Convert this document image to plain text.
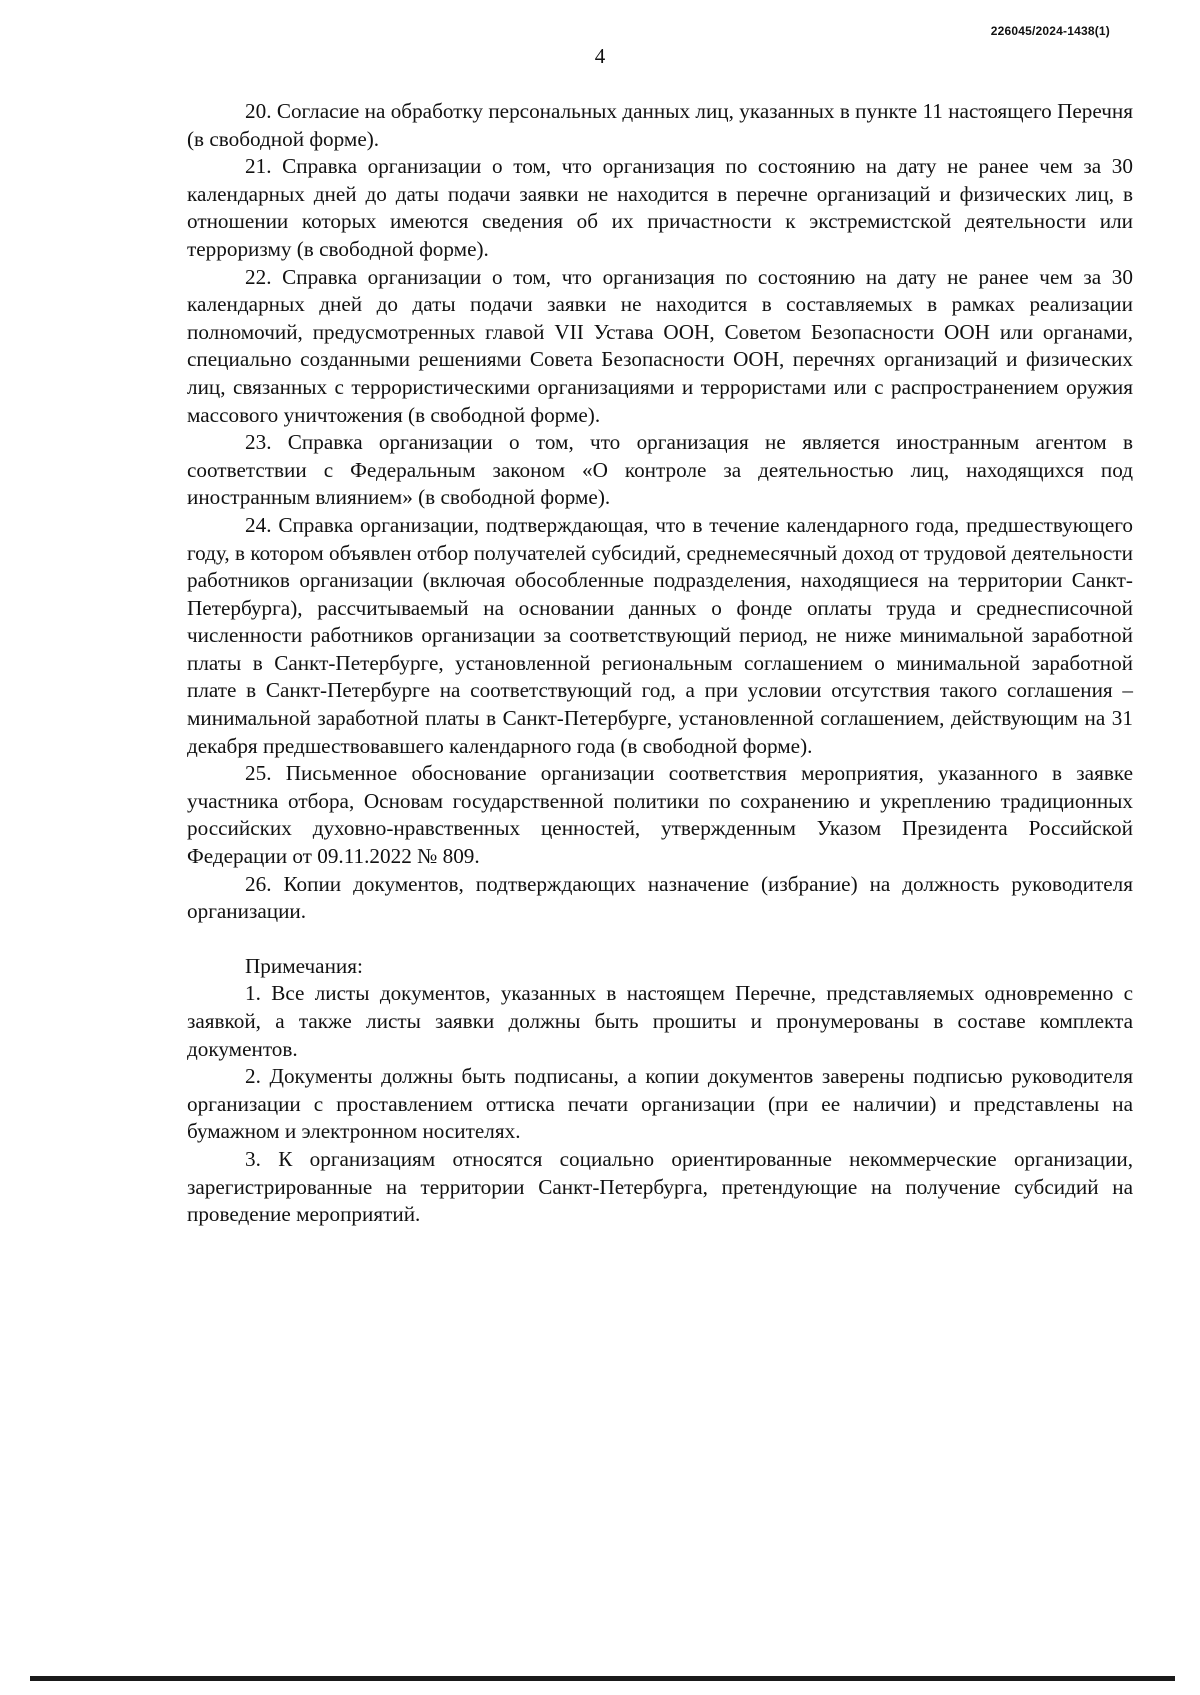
226045/2024-1438(1)
4

20. Согласие на обработку персональных данных лиц, указанных в пункте 11 настоящего Перечня (в свободной форме).

21. Справка организации о том, что организация по состоянию на дату не ранее чем за 30 календарных дней до даты подачи заявки не находится в перечне организаций и физических лиц, в отношении которых имеются сведения об их причастности к экстремистской деятельности или терроризму (в свободной форме).

22. Справка организации о том, что организация по состоянию на дату не ранее чем за 30 календарных дней до даты подачи заявки не находится в составляемых в рамках реализации полномочий, предусмотренных главой VII Устава ООН, Советом Безопасности ООН или органами, специально созданными решениями Совета Безопасности ООН, перечнях организаций и физических лиц, связанных с террористическими организациями и террористами или с распространением оружия массового уничтожения (в свободной форме).

23. Справка организации о том, что организация не является иностранным агентом в соответствии с Федеральным законом «О контроле за деятельностью лиц, находящихся под иностранным влиянием» (в свободной форме).

24. Справка организации, подтверждающая, что в течение календарного года, предшествующего году, в котором объявлен отбор получателей субсидий, среднемесячный доход от трудовой деятельности работников организации (включая обособленные подразделения, находящиеся на территории Санкт-Петербурга), рассчитываемый на основании данных о фонде оплаты труда и среднесписочной численности работников организации за соответствующий период, не ниже минимальной заработной платы в Санкт-Петербурге, установленной региональным соглашением о минимальной заработной плате в Санкт-Петербурге на соответствующий год, а при условии отсутствия такого соглашения – минимальной заработной платы в Санкт-Петербурге, установленной соглашением, действующим на 31 декабря предшествовавшего календарного года (в свободной форме).

25. Письменное обоснование организации соответствия мероприятия, указанного в заявке участника отбора, Основам государственной политики по сохранению и укреплению традиционных российских духовно-нравственных ценностей, утвержденным Указом Президента Российской Федерации от 09.11.2022 № 809.

26. Копии документов, подтверждающих назначение (избрание) на должность руководителя организации.

Примечания:

1. Все листы документов, указанных в настоящем Перечне, представляемых одновременно с заявкой, а также листы заявки должны быть прошиты и пронумерованы в составе комплекта документов.

2. Документы должны быть подписаны, а копии документов заверены подписью руководителя организации с проставлением оттиска печати организации (при ее наличии) и представлены на бумажном и электронном носителях.

3. К организациям относятся социально ориентированные некоммерческие организации, зарегистрированные на территории Санкт-Петербурга, претендующие на получение субсидий на проведение мероприятий.
